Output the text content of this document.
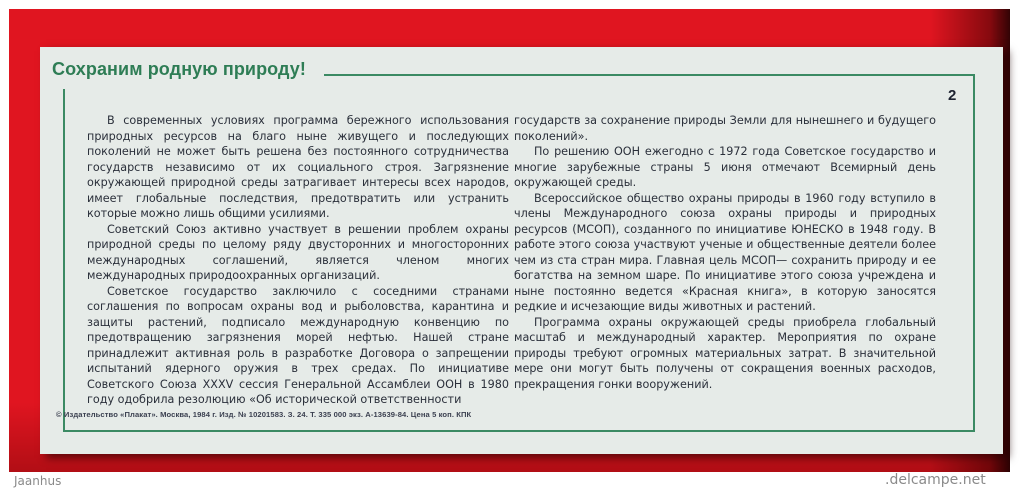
Сохраним родную природу!
2

В современных условиях программа бережного использования природных ресурсов на благо ныне живущего и последующих поколений не может быть решена без постоянного сотрудничества государств независимо от их социального строя. Загрязнение окружающей природной среды затрагивает интересы всех народов, имеет глобальные последствия, предотвратить или устранить которые можно лишь общими усилиями.

Советский Союз активно участвует в решении проблем охраны природной среды по целому ряду двусторонних и многосторонних международных соглашений, является членом многих международных природоохранных организаций.

Советское государство заключило с соседними странами соглашения по вопросам охраны вод и рыболовства, карантина и защиты растений, подписало международную конвенцию по предотвращению загрязнения морей нефтью. Нашей стране принадлежит активная роль в разработке Договора о запрещении испытаний ядерного оружия в трех средах. По инициативе Советского Союза XXXV сессия Генеральной Ассамблеи ООН в 1980 году одобрила резолюцию «Об исторической ответственности

государств за сохранение природы Земли для нынешнего и будущего поколений».

По решению ООН ежегодно с 1972 года Советское государство и многие зарубежные страны 5 июня отмечают Всемирный день окружающей среды.

Всероссийское общество охраны природы в 1960 году вступило в члены Международного союза охраны природы и природных ресурсов (МСОП), созданного по инициативе ЮНЕСКО в 1948 году. В работе этого союза участвуют ученые и общественные деятели более чем из ста стран мира. Главная цель МСОП— сохранить природу и ее богатства на земном шаре. По инициативе этого союза учреждена и ныне постоянно ведется «Красная книга», в которую заносятся редкие и исчезающие виды животных и растений.

Программа охраны окружающей среды приобрела глобальный масштаб и международный характер. Мероприятия по охране природы требуют огромных материальных затрат. В значительной мере они могут быть получены от сокращения военных расходов, прекращения гонки вооружений.

© Издательство «Плакат». Москва, 1984 г. Изд. № 10201583. З. 24. Т. 335 000 экз. А-13639-84. Цена 5 коп. КПК
Jaanhus	.delcampe.net
